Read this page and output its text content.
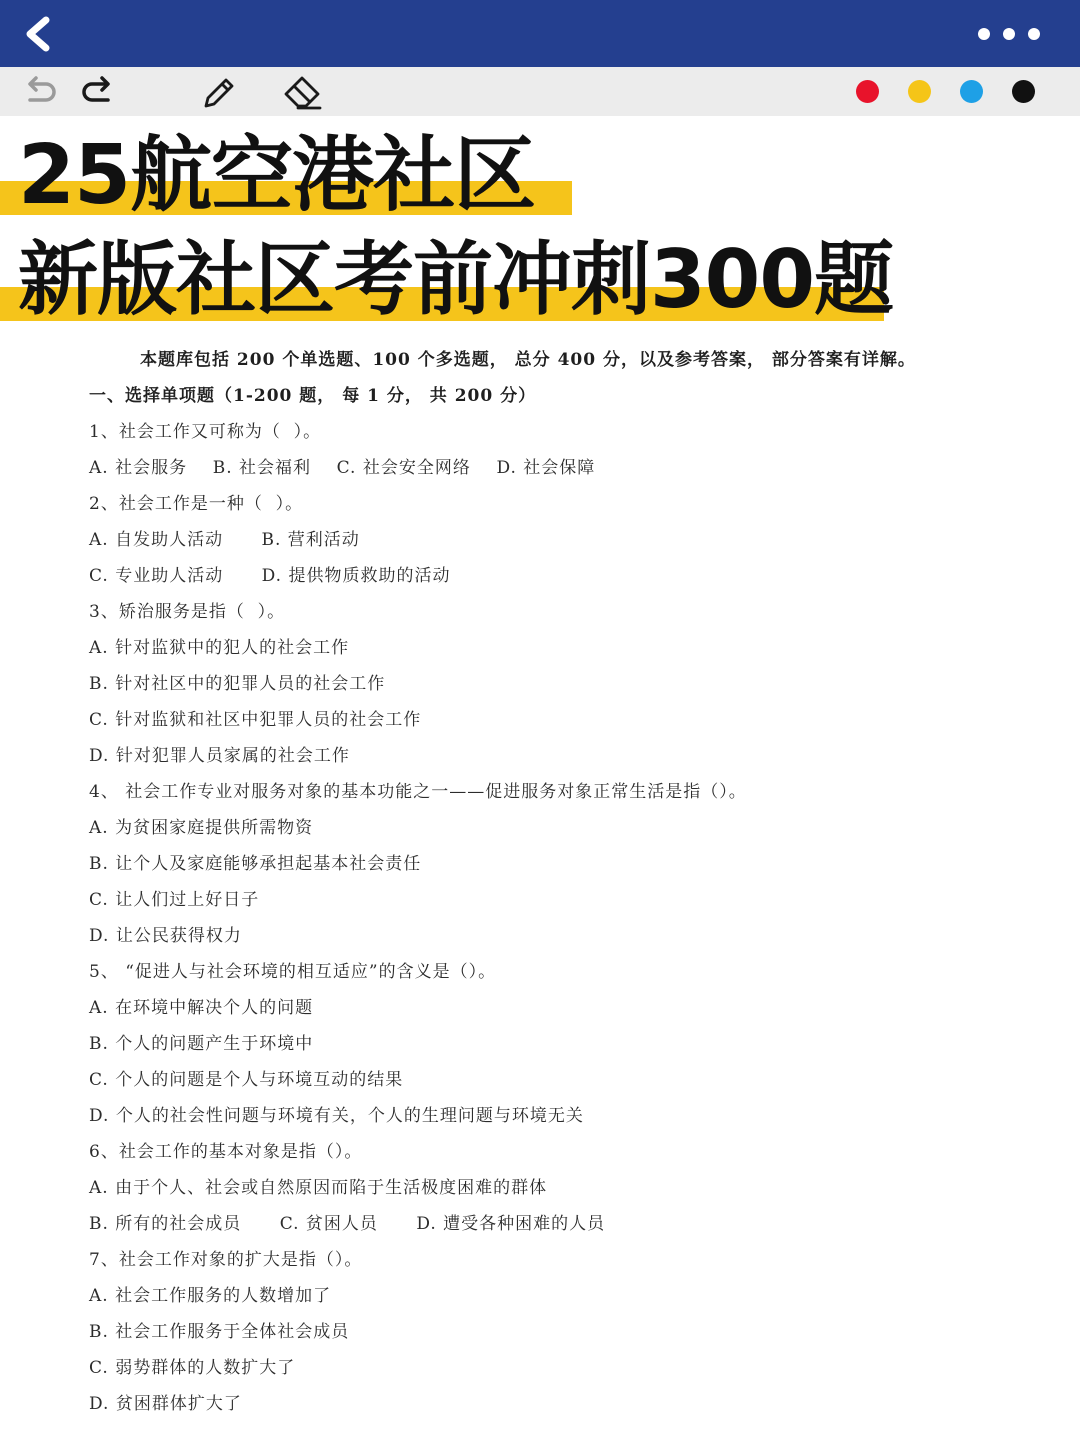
25航空港社区
新版社区考前冲刺300题
本题库包括 200 个单选题、100 个多选题， 总分 400 分，以及参考答案， 部分答案有详解。
一、选择单项题（1-200 题， 每 1 分， 共 200 分）
1、社会工作又可称为（  ）。
A. 社会服务    B. 社会福利    C. 社会安全网络    D. 社会保障
2、社会工作是一种（  ）。
A. 自发助人活动      B. 营利活动
C. 专业助人活动      D. 提供物质救助的活动
3、矫治服务是指（  ）。
A. 针对监狱中的犯人的社会工作
B. 针对社区中的犯罪人员的社会工作
C. 针对监狱和社区中犯罪人员的社会工作
D. 针对犯罪人员家属的社会工作
4、 社会工作专业对服务对象的基本功能之一——促进服务对象正常生活是指（）。
A. 为贫困家庭提供所需物资
B. 让个人及家庭能够承担起基本社会责任
C. 让人们过上好日子
D. 让公民获得权力
5、 “促进人与社会环境的相互适应”的含义是（）。
A. 在环境中解决个人的问题
B. 个人的问题产生于环境中
C. 个人的问题是个人与环境互动的结果
D. 个人的社会性问题与环境有关，个人的生理问题与环境无关
6、社会工作的基本对象是指（）。
A. 由于个人、社会或自然原因而陷于生活极度困难的群体
B. 所有的社会成员      C. 贫困人员      D. 遭受各种困难的人员
7、社会工作对象的扩大是指（）。
A. 社会工作服务的人数增加了
B. 社会工作服务于全体社会成员
C. 弱势群体的人数扩大了
D. 贫困群体扩大了
